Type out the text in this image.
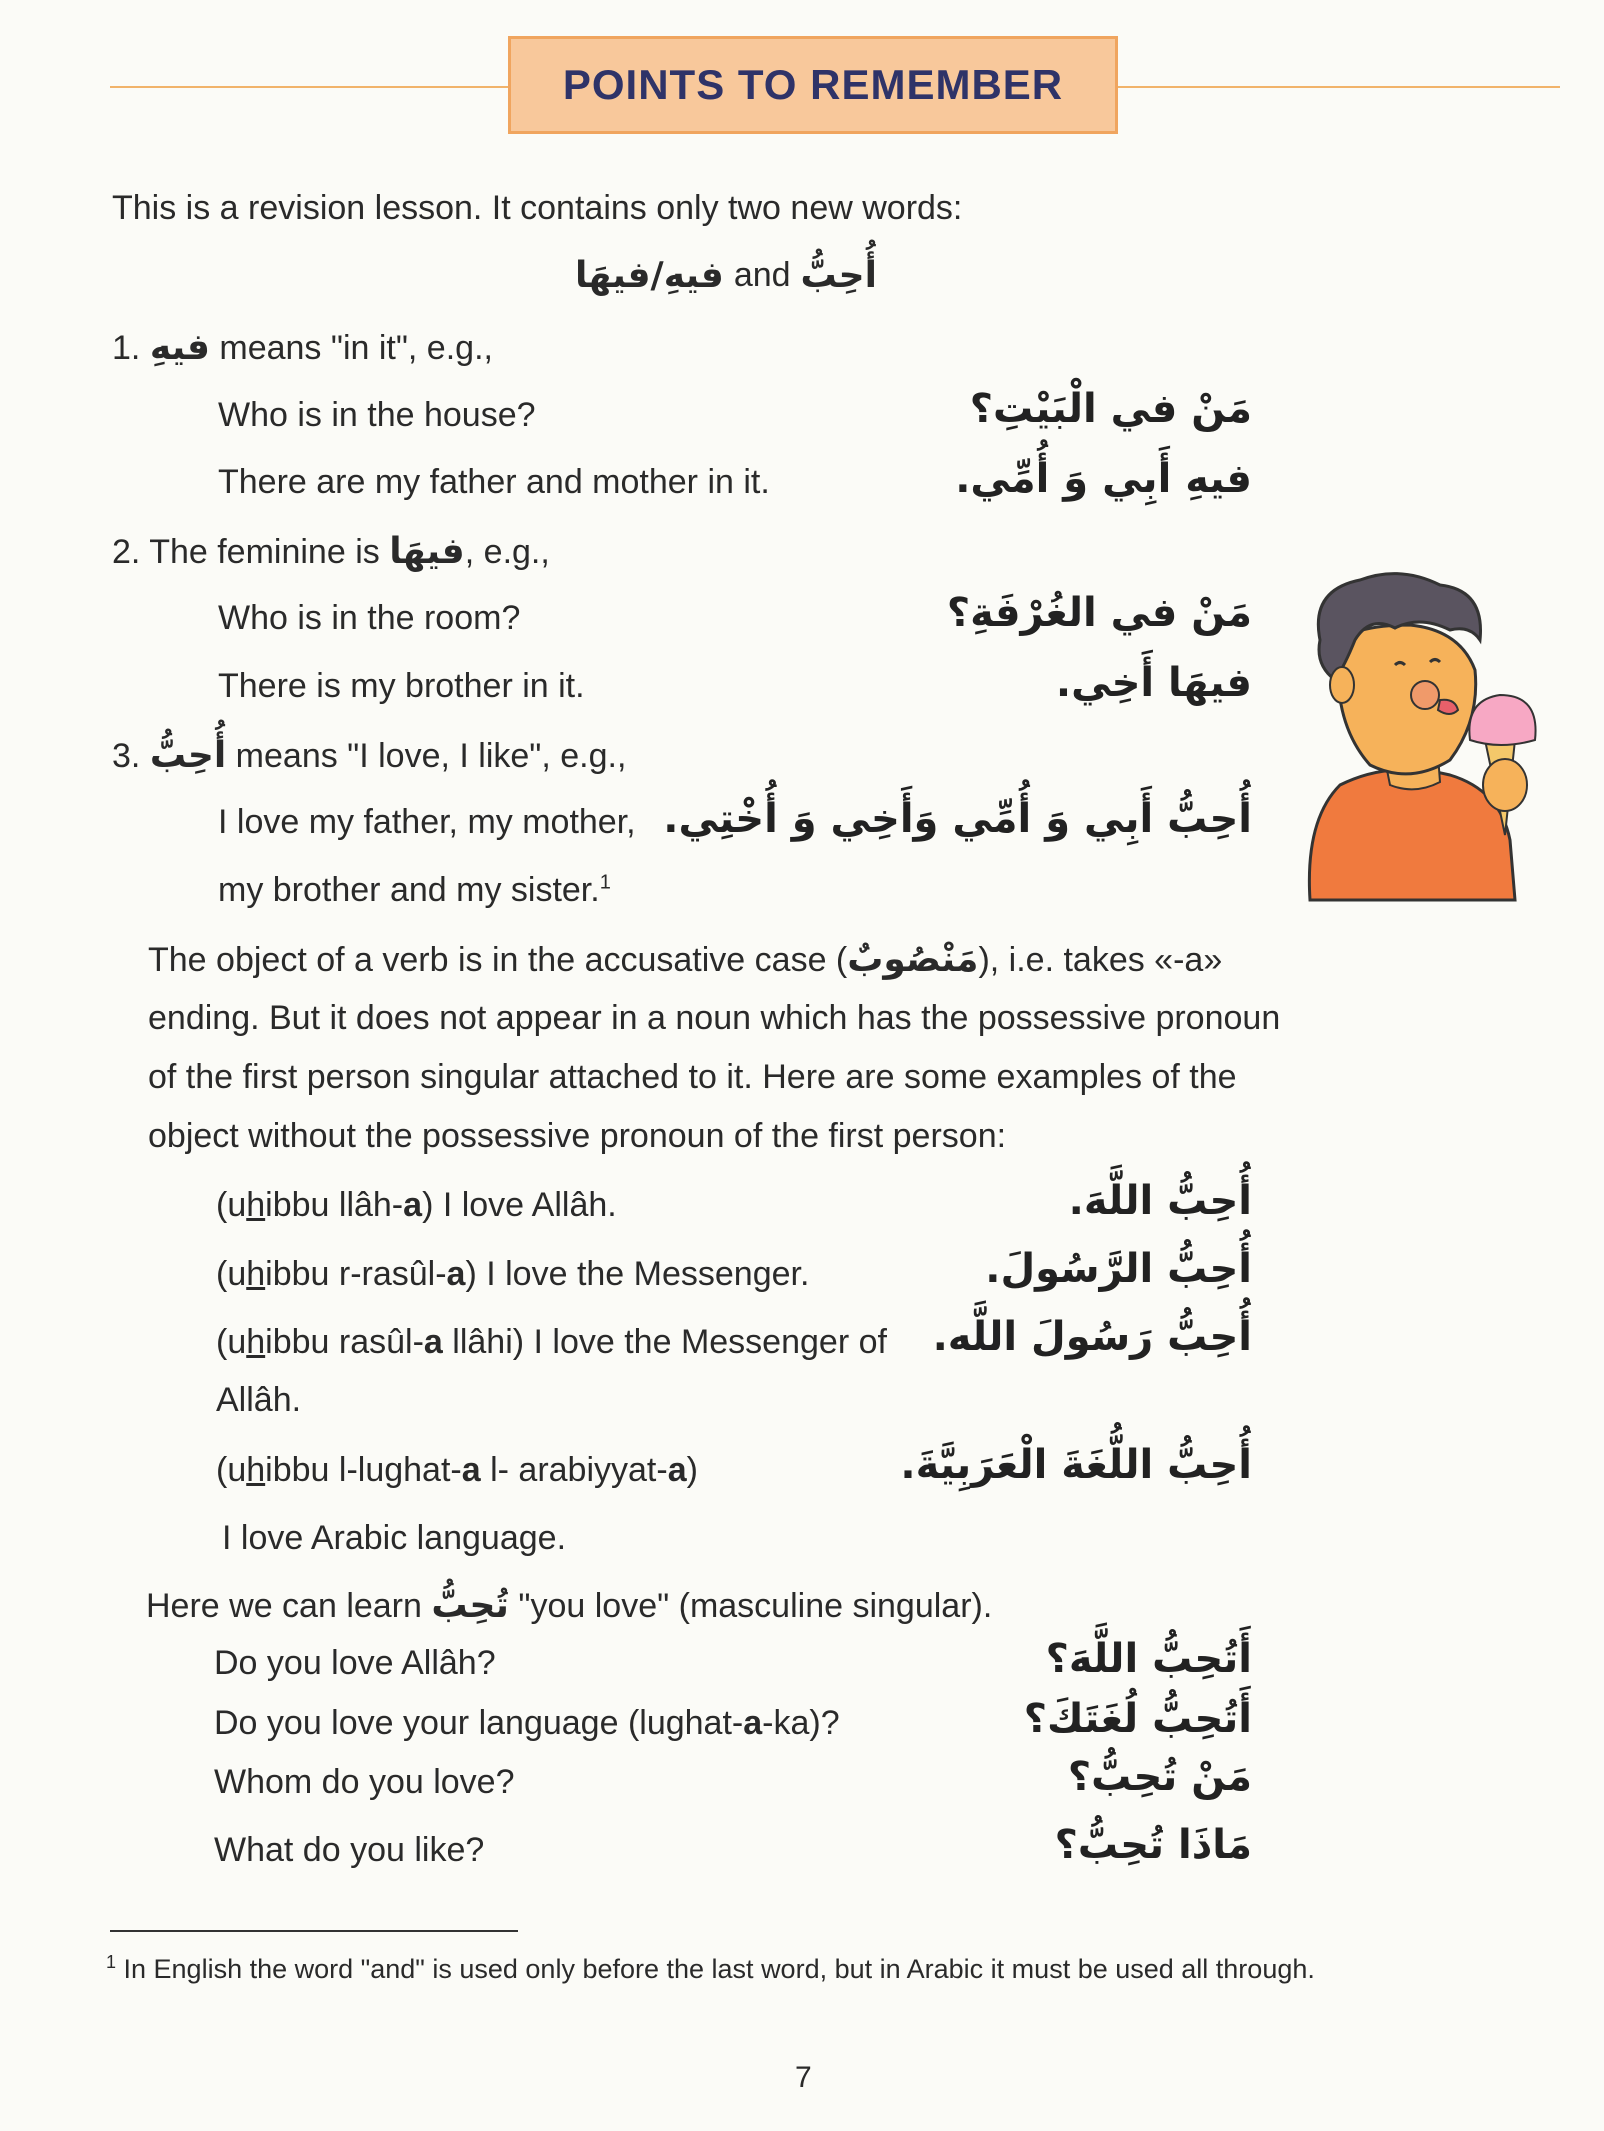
POINTS TO REMEMBER
This is a revision lesson. It contains only two new words:
فيهِ/فيهَا and أُحِبُّ
1. فيهِ means "in it", e.g.,
Who is in the house?	مَنْ في الْبَيْتِ؟
There are my father and mother in it.	فيهِ أَبِي وَ أُمِّي.
2. The feminine is فيهَا, e.g.,
Who is in the room?	مَنْ في الغُرْفَةِ؟
There is my brother in it.	فيهَا أَخِي.
3. أُحِبُّ means "I love, I like", e.g.,
I love my father, my mother, أُحِبُّ أَبِي وَ أُمِّي وَأَخِي وَ أُخْتِي.
my brother and my sister.$^1$
The object of a verb is in the accusative case (مَنْصُوبٌ), i.e. takes «-a»
ending. But it does not appear in a noun which has the possessive pronoun
of the first person singular attached to it. Here are some examples of the
object without the possessive pronoun of the first person:
(uhibbu llâh-a) I love Allâh.	أُحِبُّ اللَّهَ.
(uhibbu r-rasûl-a) I love the Messenger.	أُحِبُّ الرَّسُولَ.
(uhibbu rasûl-a llâhi) I love the Messenger of أُحِبُّ رَسُولَ اللَّه.
Allâh.
(uhibbu l-lughat-a l- arabiyyat-a)	أُحِبُّ اللُّغَةَ الْعَرَبِيَّةَ.
I love Arabic language.
Here we can learn تُحِبُّ "you love" (masculine singular).
Do you love Allâh?	أَتُحِبُّ اللَّهَ؟
Do you love your language (lughat-a-ka)?	أَتُحِبُّ لُغَتَكَ؟
Whom do you love?	مَنْ تُحِبُّ؟
What do you like?	مَاذَا تُحِبُّ؟
$^1$ In English the word "and" is used only before the last word, but in Arabic it must be used all through.
7
